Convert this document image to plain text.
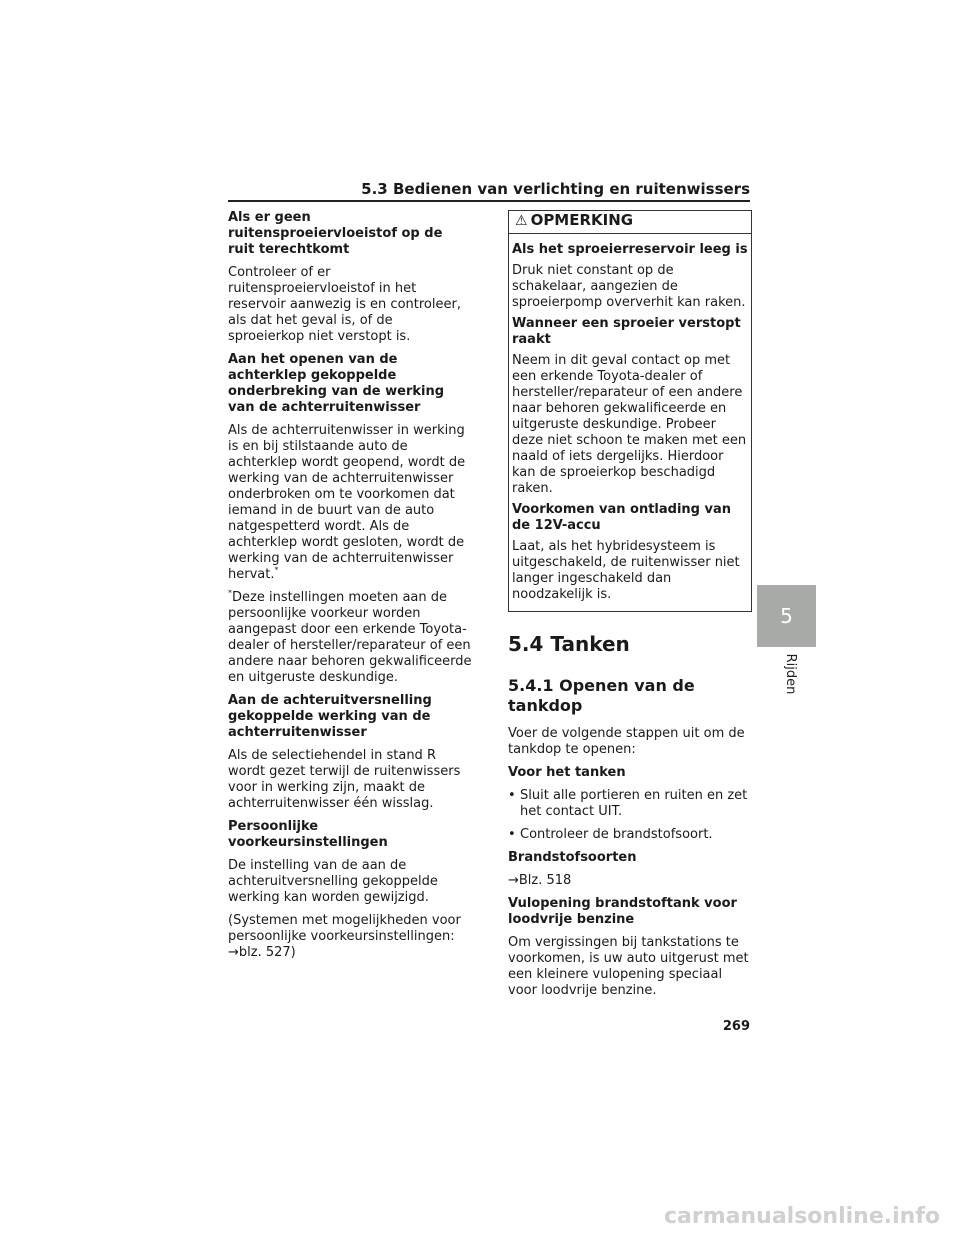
5.3 Bedienen van verlichting en ruitenwissers

Als er geen ruitensproeiervloeistof op de ruit terechtkomt

Controleer of er ruitensproeiervloeistof in het reservoir aanwezig is en controleer, als dat het geval is, of de sproeierkop niet verstopt is.

Aan het openen van de achterklep gekoppelde onderbreking van de werking van de achterruitenwisser

Als de achterruitenwisser in werking is en bij stilstaande auto de achterklep wordt geopend, wordt de werking van de achterruitenwisser onderbroken om te voorkomen dat iemand in de buurt van de auto natgespetterd wordt. Als de achterklep wordt gesloten, wordt de werking van de achterruitenwisser hervat.*

*Deze instellingen moeten aan de persoonlijke voorkeur worden aangepast door een erkende Toyota-dealer of hersteller/reparateur of een andere naar behoren gekwalificeerde en uitgeruste deskundige.

Aan de achteruitversnelling gekoppelde werking van de achterruitenwisser

Als de selectiehendel in stand R wordt gezet terwijl de ruitenwissers voor in werking zijn, maakt de achterruitenwisser één wisslag.

Persoonlijke voorkeursinstellingen

De instelling van de aan de achteruitversnelling gekoppelde werking kan worden gewijzigd.

(Systemen met mogelijkheden voor persoonlijke voorkeursinstellingen:
→blz. 527)

⚠ OPMERKING

Als het sproeierreservoir leeg is

Druk niet constant op de schakelaar, aangezien de sproeierpomp oververhit kan raken.

Wanneer een sproeier verstopt raakt

Neem in dit geval contact op met een erkende Toyota-dealer of hersteller/reparateur of een andere naar behoren gekwalificeerde en uitgeruste deskundige. Probeer deze niet schoon te maken met een naald of iets dergelijks. Hierdoor kan de sproeierkop beschadigd raken.

Voorkomen van ontlading van de 12V-accu

Laat, als het hybridesysteem is uitgeschakeld, de ruitenwisser niet langer ingeschakeld dan noodzakelijk is.

5.4 Tanken
5.4.1 Openen van de tankdop

Voer de volgende stappen uit om de tankdop te openen:

Voor het tanken

• Sluit alle portieren en ruiten en zet het contact UIT.
• Controleer de brandstofsoort.

Brandstofsoorten

→Blz. 518

Vulopening brandstoftank voor loodvrije benzine

Om vergissingen bij tankstations te voorkomen, is uw auto uitgerust met een kleinere vulopening speciaal voor loodvrije benzine.

5
Rijden
269
carmanualsonline.info
